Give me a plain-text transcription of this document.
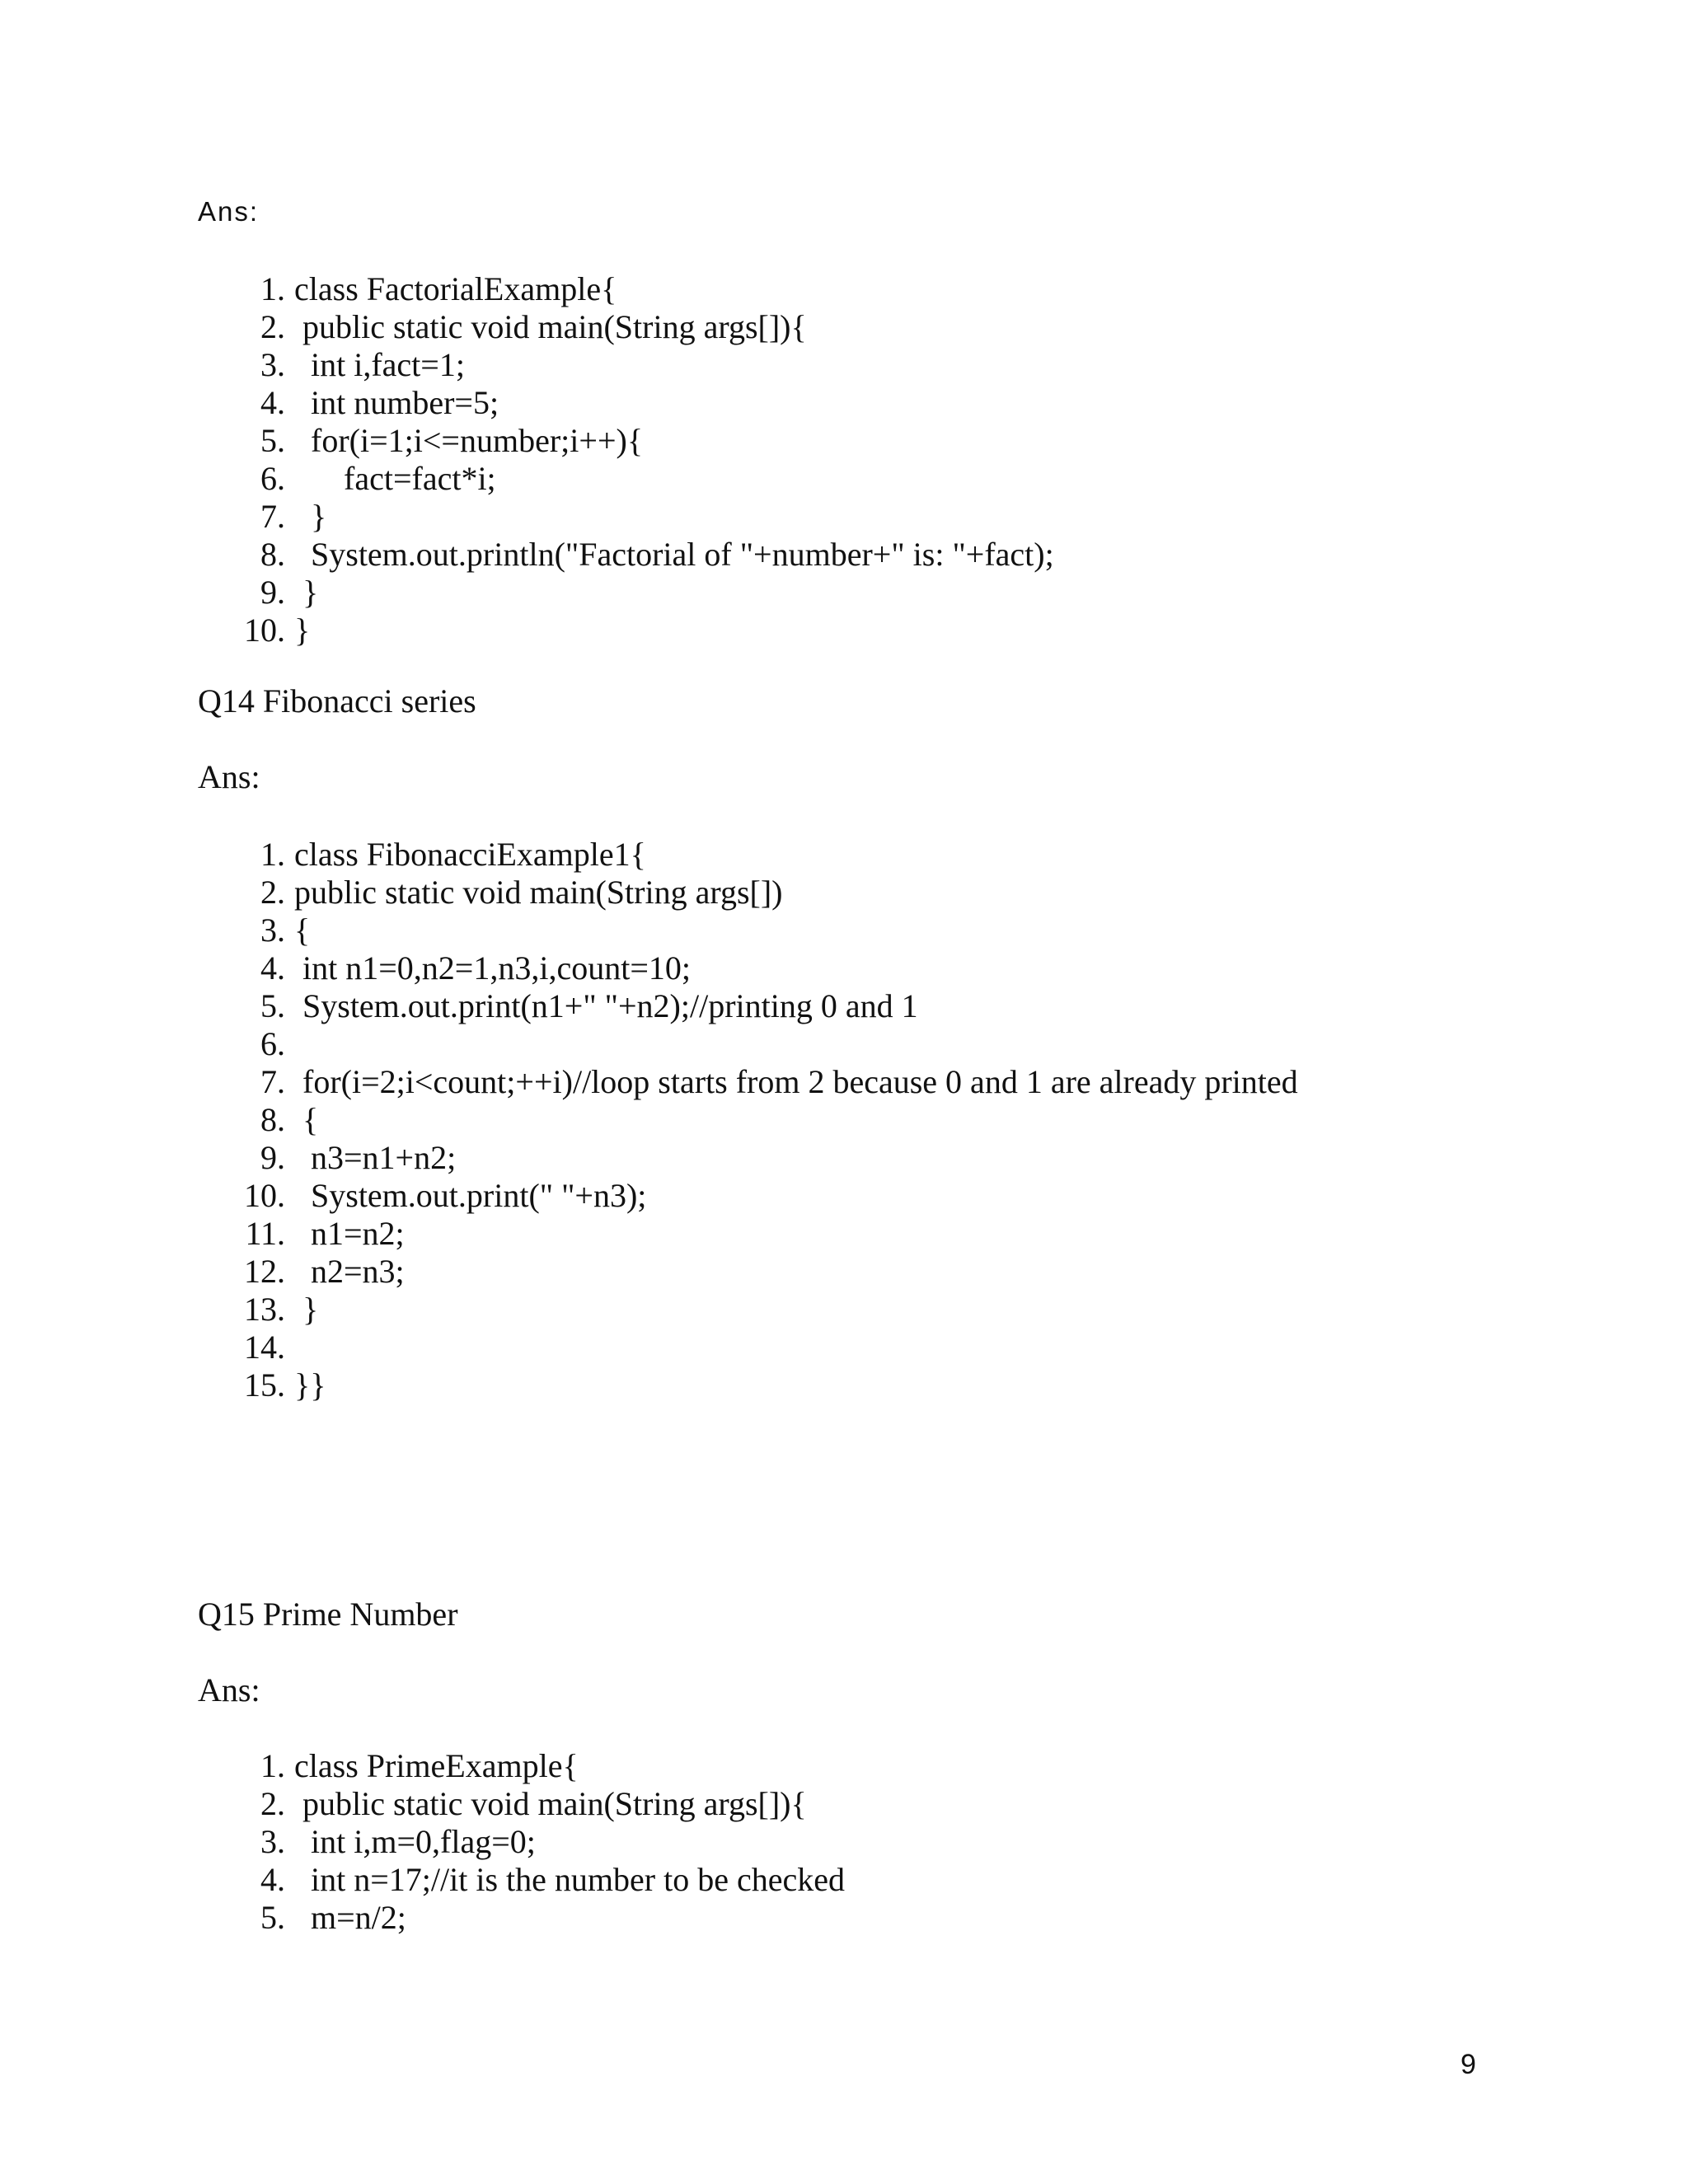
Ans:
1. class FactorialExample{
2. public static void main(String args[]){
3. int i,fact=1;
4. int number=5;
5. for(i=1;i<=number;i++){
6. fact=fact*i;
7. }
8. System.out.println("Factorial of "+number+" is: "+fact);
9. }
10. }
Q14 Fibonacci series
Ans:
1. class FibonacciExample1{
2. public static void main(String args[])
3. {
4. int n1=0,n2=1,n3,i,count=10;
5. System.out.print(n1+" "+n2);//printing 0 and 1
6.
7. for(i=2;i<count;++i)//loop starts from 2 because 0 and 1 are already printed
8. {
9. n3=n1+n2;
10. System.out.print(" "+n3);
11. n1=n2;
12. n2=n3;
13. }
14.
15. }}
Q15 Prime Number
Ans:
1. class PrimeExample{
2. public static void main(String args[]){
3. int i,m=0,flag=0;
4. int n=17;//it is the number to be checked
5. m=n/2;
9
